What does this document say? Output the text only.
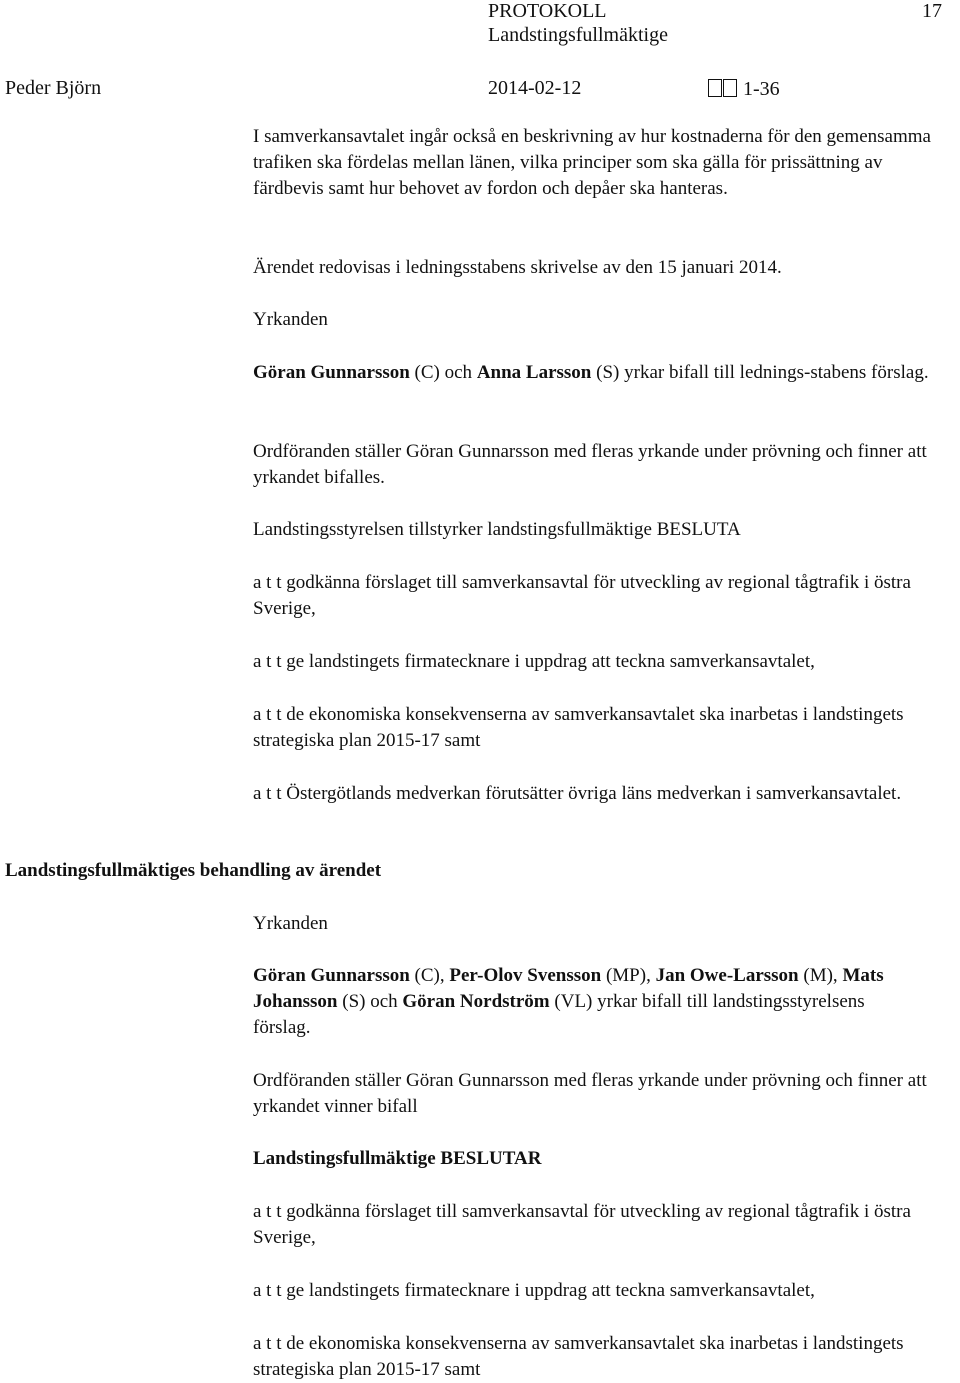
PROTOKOLL
Landstingsfullmäktige
17
Peder Björn	2014-02-12	1-36

I samverkansavtalet ingår också en beskrivning av hur kostnaderna för den gemensamma trafiken ska fördelas mellan länen, vilka principer som ska gälla för prissättning av färdbevis samt hur behovet av fordon och depåer ska hanteras.

Ärendet redovisas i ledningsstabens skrivelse av den 15 januari 2014.

Yrkanden

Göran Gunnarsson (C) och Anna Larsson (S) yrkar bifall till lednings-stabens förslag.

Ordföranden ställer Göran Gunnarsson med fleras yrkande under prövning och finner att yrkandet bifalles.

Landstingsstyrelsen tillstyrker landstingsfullmäktige BESLUTA

a t t godkänna förslaget till samverkansavtal för utveckling av regional tågtrafik i östra Sverige,

a t t ge landstingets firmatecknare i uppdrag att teckna samverkansavtalet,

a t t de ekonomiska konsekvenserna av samverkansavtalet ska inarbetas i landstingets strategiska plan 2015-17 samt

a t t Östergötlands medverkan förutsätter övriga läns medverkan i samverkansavtalet.

Landstingsfullmäktiges behandling av ärendet

Yrkanden

Göran Gunnarsson (C), Per-Olov Svensson (MP), Jan Owe-Larsson (M), Mats Johansson (S) och Göran Nordström (VL) yrkar bifall till landstingsstyrelsens förslag.

Ordföranden ställer Göran Gunnarsson med fleras yrkande under prövning och finner att yrkandet vinner bifall

Landstingsfullmäktige BESLUTAR

a t t godkänna förslaget till samverkansavtal för utveckling av regional tågtrafik i östra Sverige,

a t t ge landstingets firmatecknare i uppdrag att teckna samverkansavtalet,

a t t de ekonomiska konsekvenserna av samverkansavtalet ska inarbetas i landstingets strategiska plan 2015-17 samt
